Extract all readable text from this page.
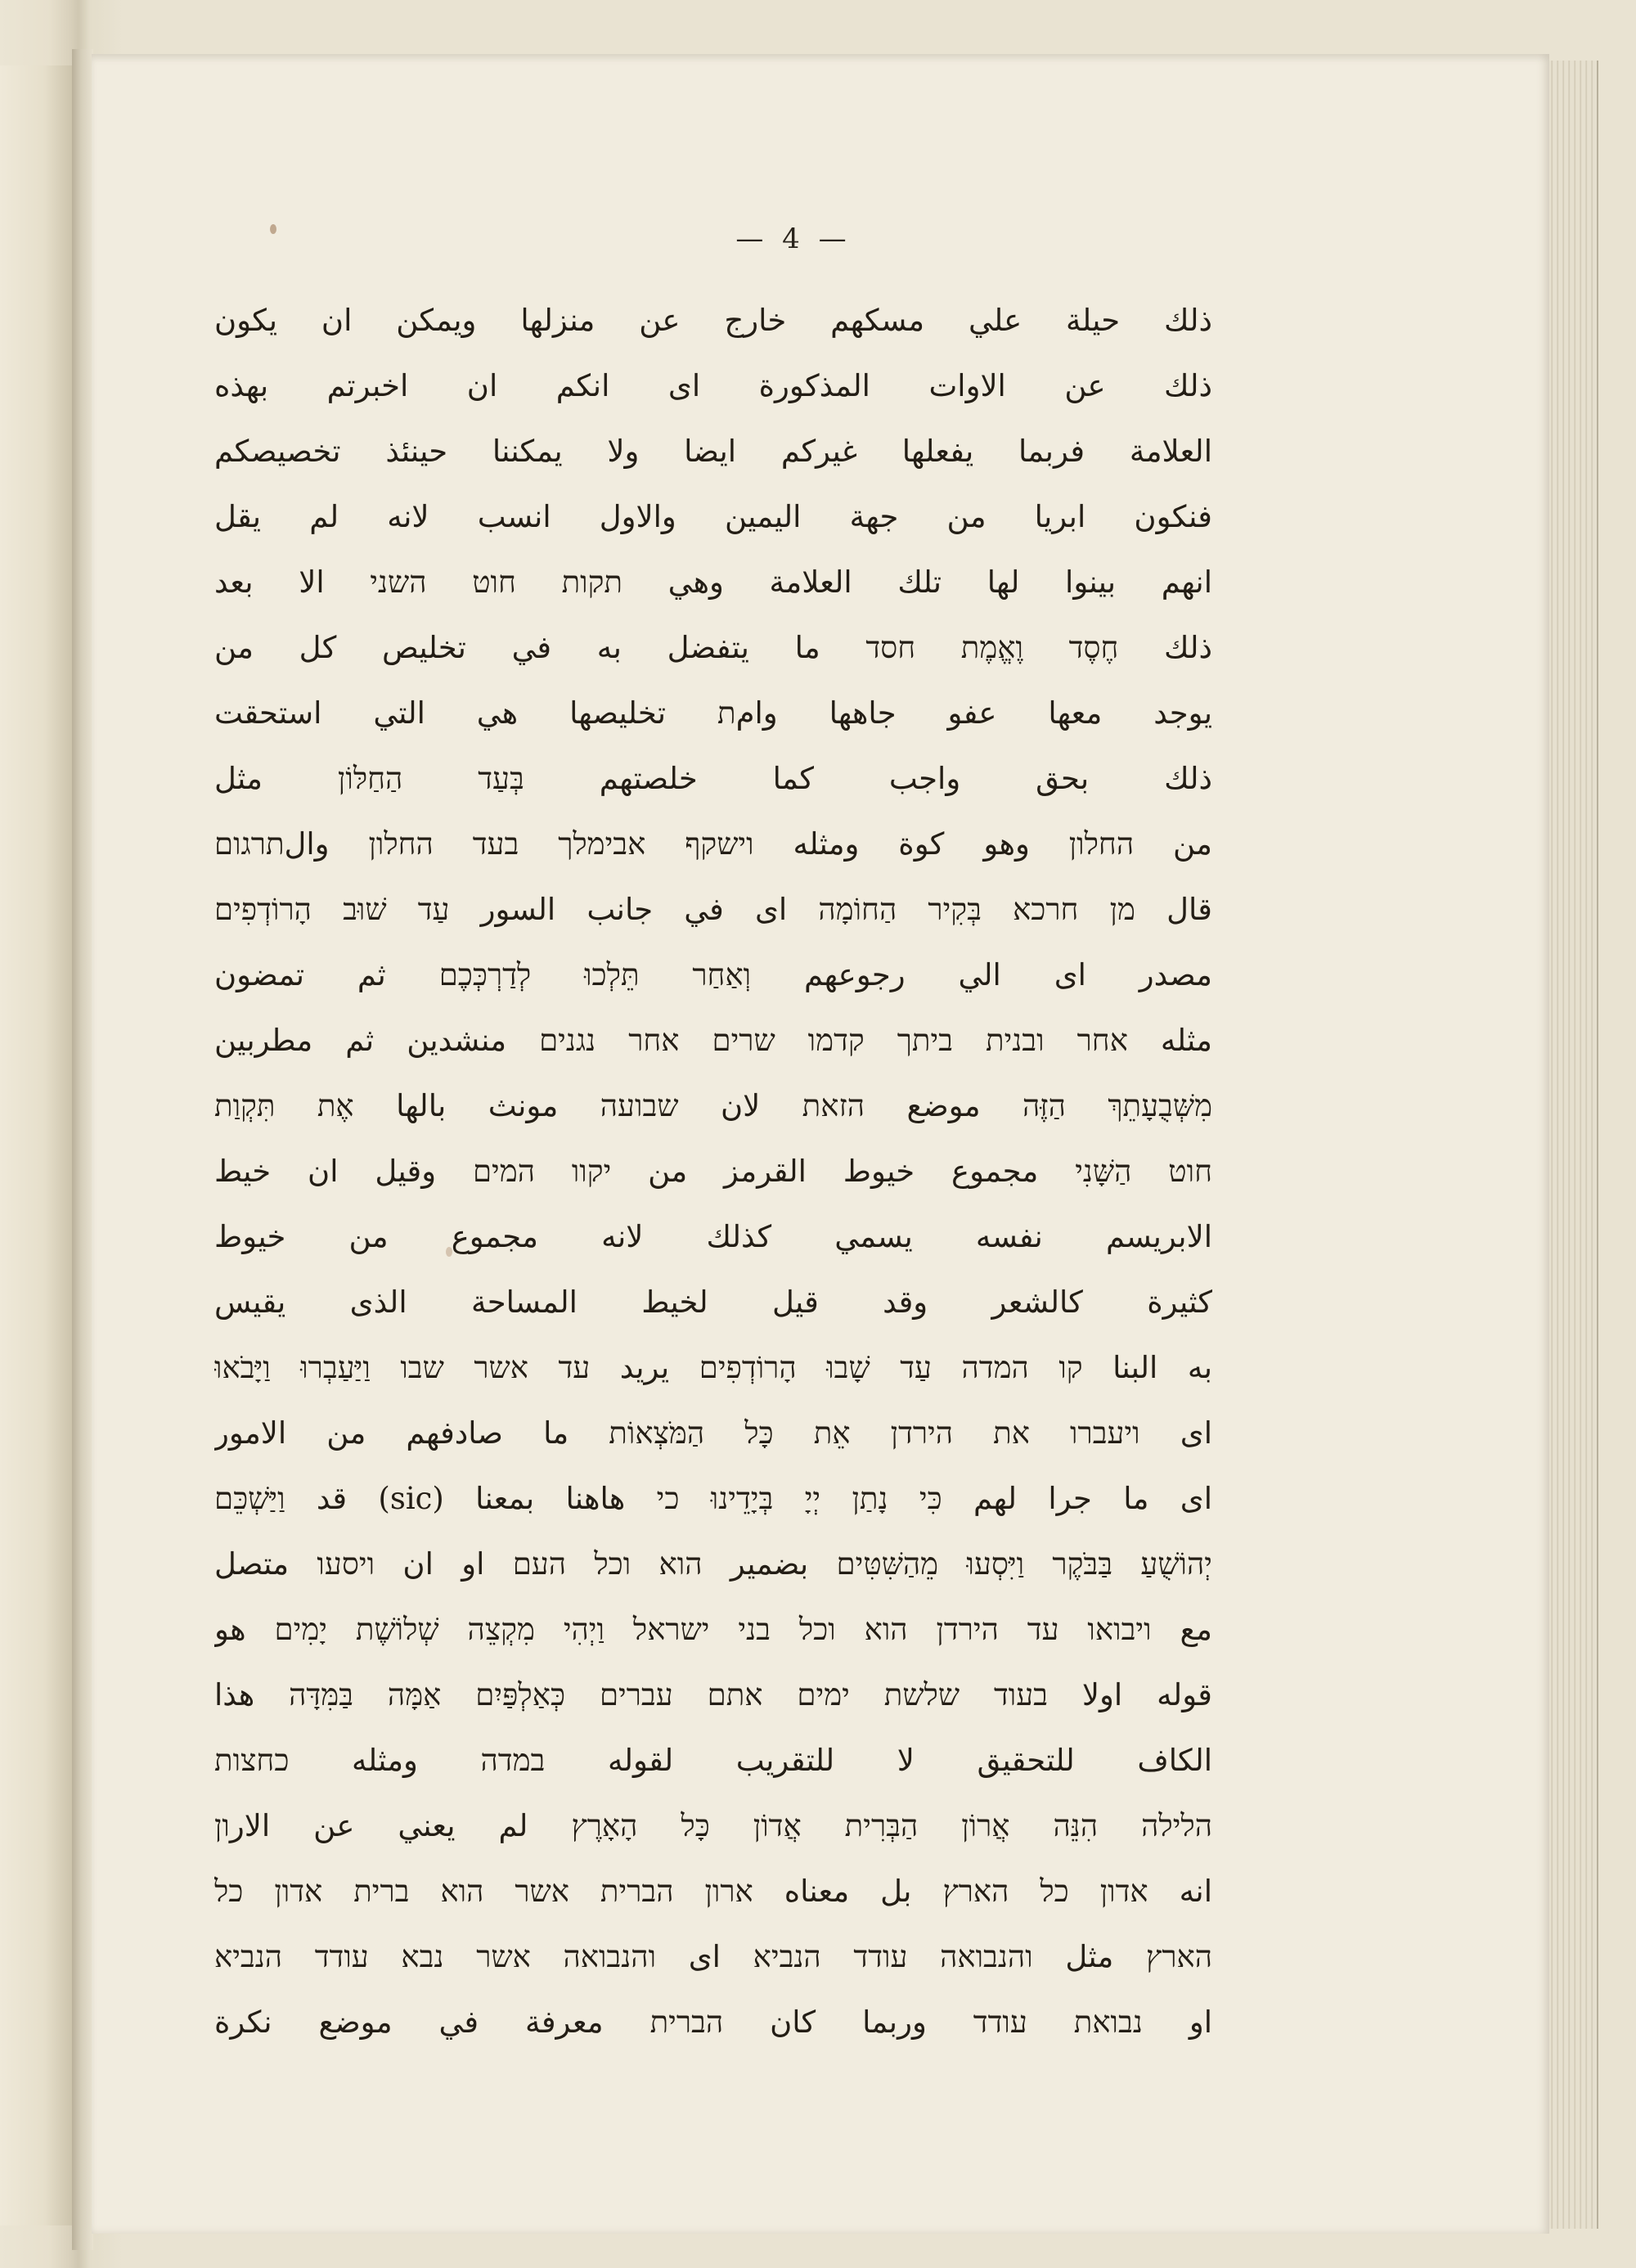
— 4 —
ذلك حيلة علي مسكهم خارج عن منزلها ويمكن ان يكون
ذلك عن الاوات المذكورة اى انكم ان اخبرتم بهذه
العلامة فربما يفعلها غيركم ايضا ولا يمكننا حينئذ تخصيصكم
فنكون ابريا من جهة اليمين والاول انسب لانه لم يقل
انهم بينوا لها تلك العلامة وهي תקות חוט השני الا بعد
ذلك חֶסֶד וֶאֱמֶת חסד ما يتفضل به في تخليص كل من
يوجد معها عفو جاهها وامת تخليصها هي التي استحقت
ذلك بحق واجب كما خلصتهم בְּעַד הַחַלּוֹן مثل
من החלון وهو كوة ومثله וישקף אבימלך בעד החלון والתרגום
قال מן חרכא בְּקִיר הַחוֹמָה اى في جانب السور עַד שׁוּב הָרוֹדְפִים
مصدر اى الي رجوعهم וְאַחַר תֵּלְכוּ לְדַרְכְּכֶם ثم تمضون
مثله אחר ובנית ביתך קדמו שרים אחר נגנים منشدين ثم مطربين
מִשְּׁבֻעָתֵךְ הַזֶּה موضع הזאת لان שבועה مونث بالها אֶת תִּקְוַת
חוט הַשָּׁנִי مجموع خيوط القرمز من יקוו המים وقيل ان خيط
الابريسم نفسه يسمي كذلك لانه مجموع من خيوط
كثيرة كالشعر وقد قيل لخيط المساحة الذى يقيس
به البنا קו המדה עַד שָׁבוּ הָרוֹדְפִים يريد עד אשר שבו וַיַּעַבְרוּ וַיָּבֹאוּ
اى ויעברו את הירדן אֵת כָּל הַמֹּצְאוֹת ما صادفهم من الامور
اى ما جرا لهم כִּי נָתַן יְיָ בְּיָדֵינוּ כי هاهنا بمعنا (sic) قد וַיַּשְׁכֵּם
יְהוֹשֻׁעַ בַּבֹּקֶר וַיִּסְעוּ מֵהַשִּׁטִּים بضمير הוא וכל העם او ان ויסעו متصل
مع ויבואו עד הירדן הוא וכל בני ישראל וַיְהִי מִקְצֵה שְׁלוֹשֶׁת יָמִים هو
قوله اولا בעוד שלשת ימים אתם עברים כְּאַלְפַּיִם אַמָּה בַּמִּדָּה هذا
الكاف للتحقيق لا للتقريب لقوله במדה ومثله כחצות
הלילה הִנֵּה אֲרוֹן הַבְּרִית אֲדוֹן כָּל הָאָרֶץ لم يعني عن الارון
انه אדון כל הארץ بل معناه ארון הברית אשר הוא ברית אדון כל
הארץ مثل והנבואה עודד הנביא اى והנבואה אשר נבא עודד הנביא
او נבואת עודד وربما كان הברית معرفة في موضع نكرة
